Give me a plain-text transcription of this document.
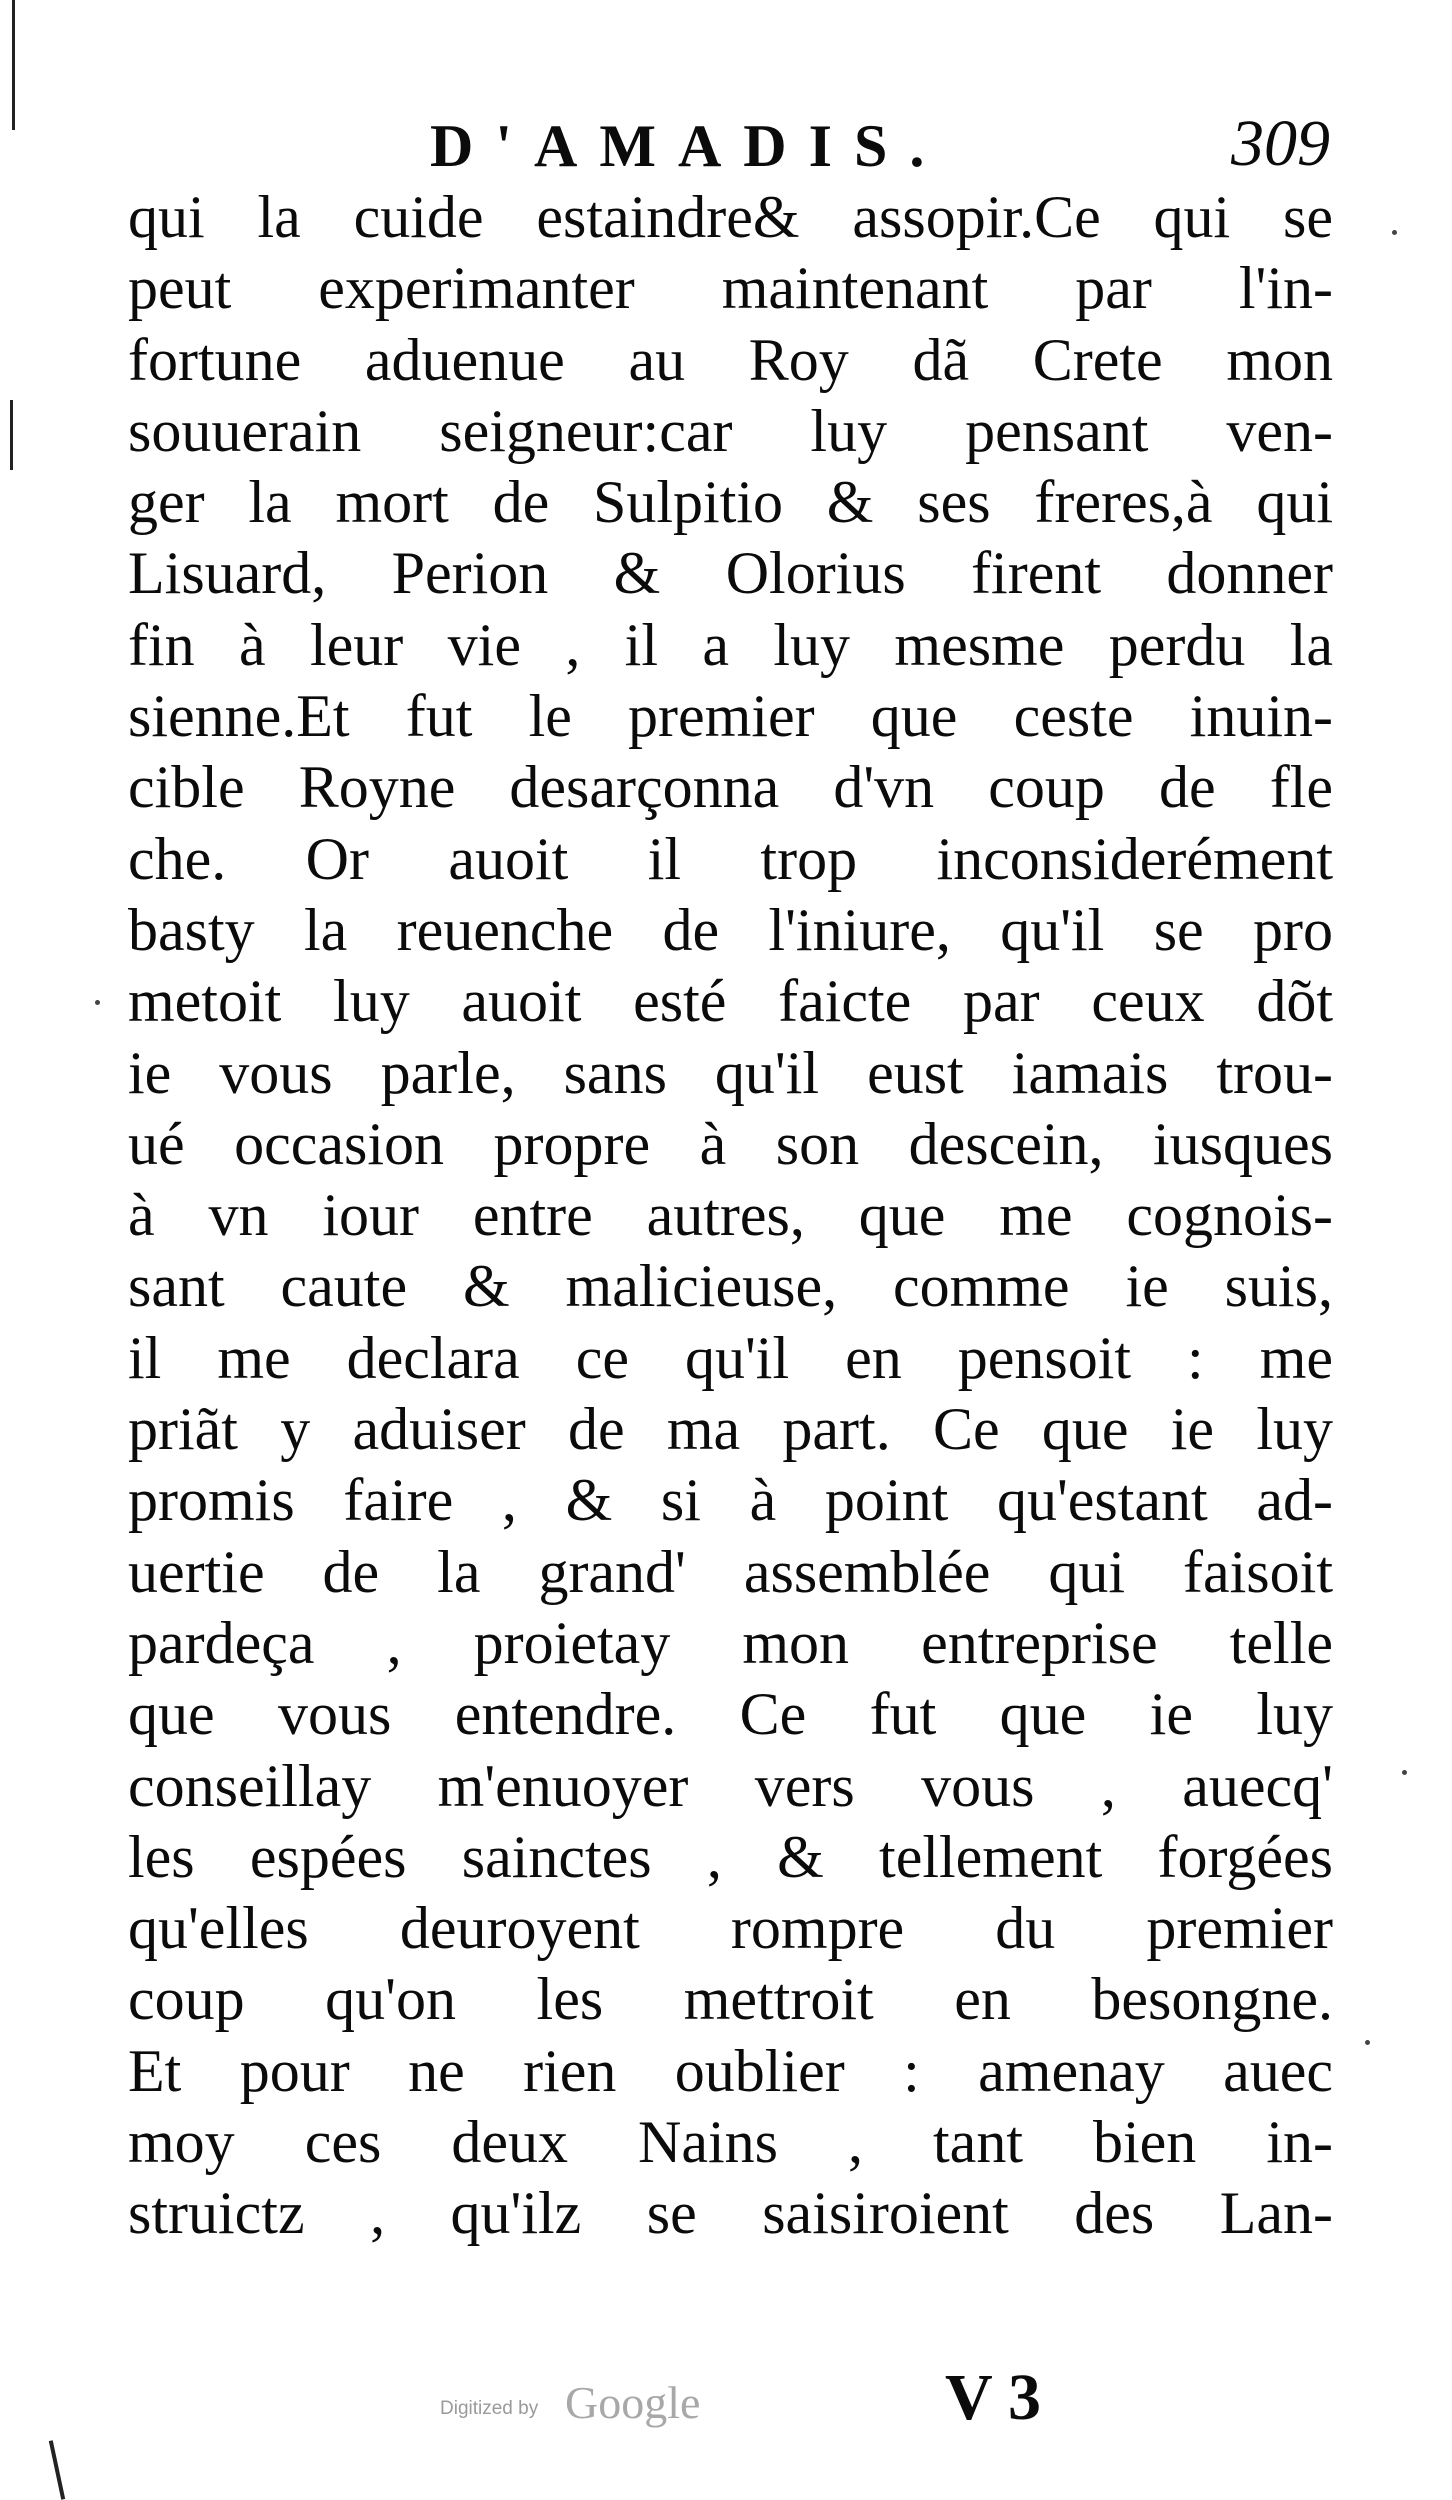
D'AMADIS.	309
qui la cuide estaindre& assopir.Ce qui se
peut experimanter maintenant par l'in-
fortune aduenue au Roy dã Crete mon
souuerain seigneur:car luy pensant ven-
ger la mort de Sulpitio & ses freres,à qui
Lisuard, Perion & Olorius firent donner
fin à leur vie , il a luy mesme perdu la
sienne.Et fut le premier que ceste inuin-
cible Royne desarçonna d'vn coup de fle
che. Or auoit il trop inconsiderément
basty la reuenche de l'iniure, qu'il se pro
metoit luy auoit esté faicte par ceux dõt
ie vous parle, sans qu'il eust iamais trou-
ué occasion propre à son descein, iusques
à vn iour entre autres, que me cognois-
sant caute & malicieuse, comme ie suis,
il me declara ce qu'il en pensoit : me
priãt y aduiser de ma part. Ce que ie luy
promis faire , & si à point qu'estant ad-
uertie de la grand' assemblée qui faisoit
pardeça , proietay mon entreprise telle
que vous entendre. Ce fut que ie luy
conseillay m'enuoyer vers vous , auecq'
les espées sainctes , & tellement forgées
qu'elles deuroyent rompre du premier
coup qu'on les mettroit en besongne.
Et pour ne rien oublier : amenay auec
moy ces deux Nains , tant bien in-
struictz , qu'ilz se saisiroient des Lan-
Digitized by Google	V 3
